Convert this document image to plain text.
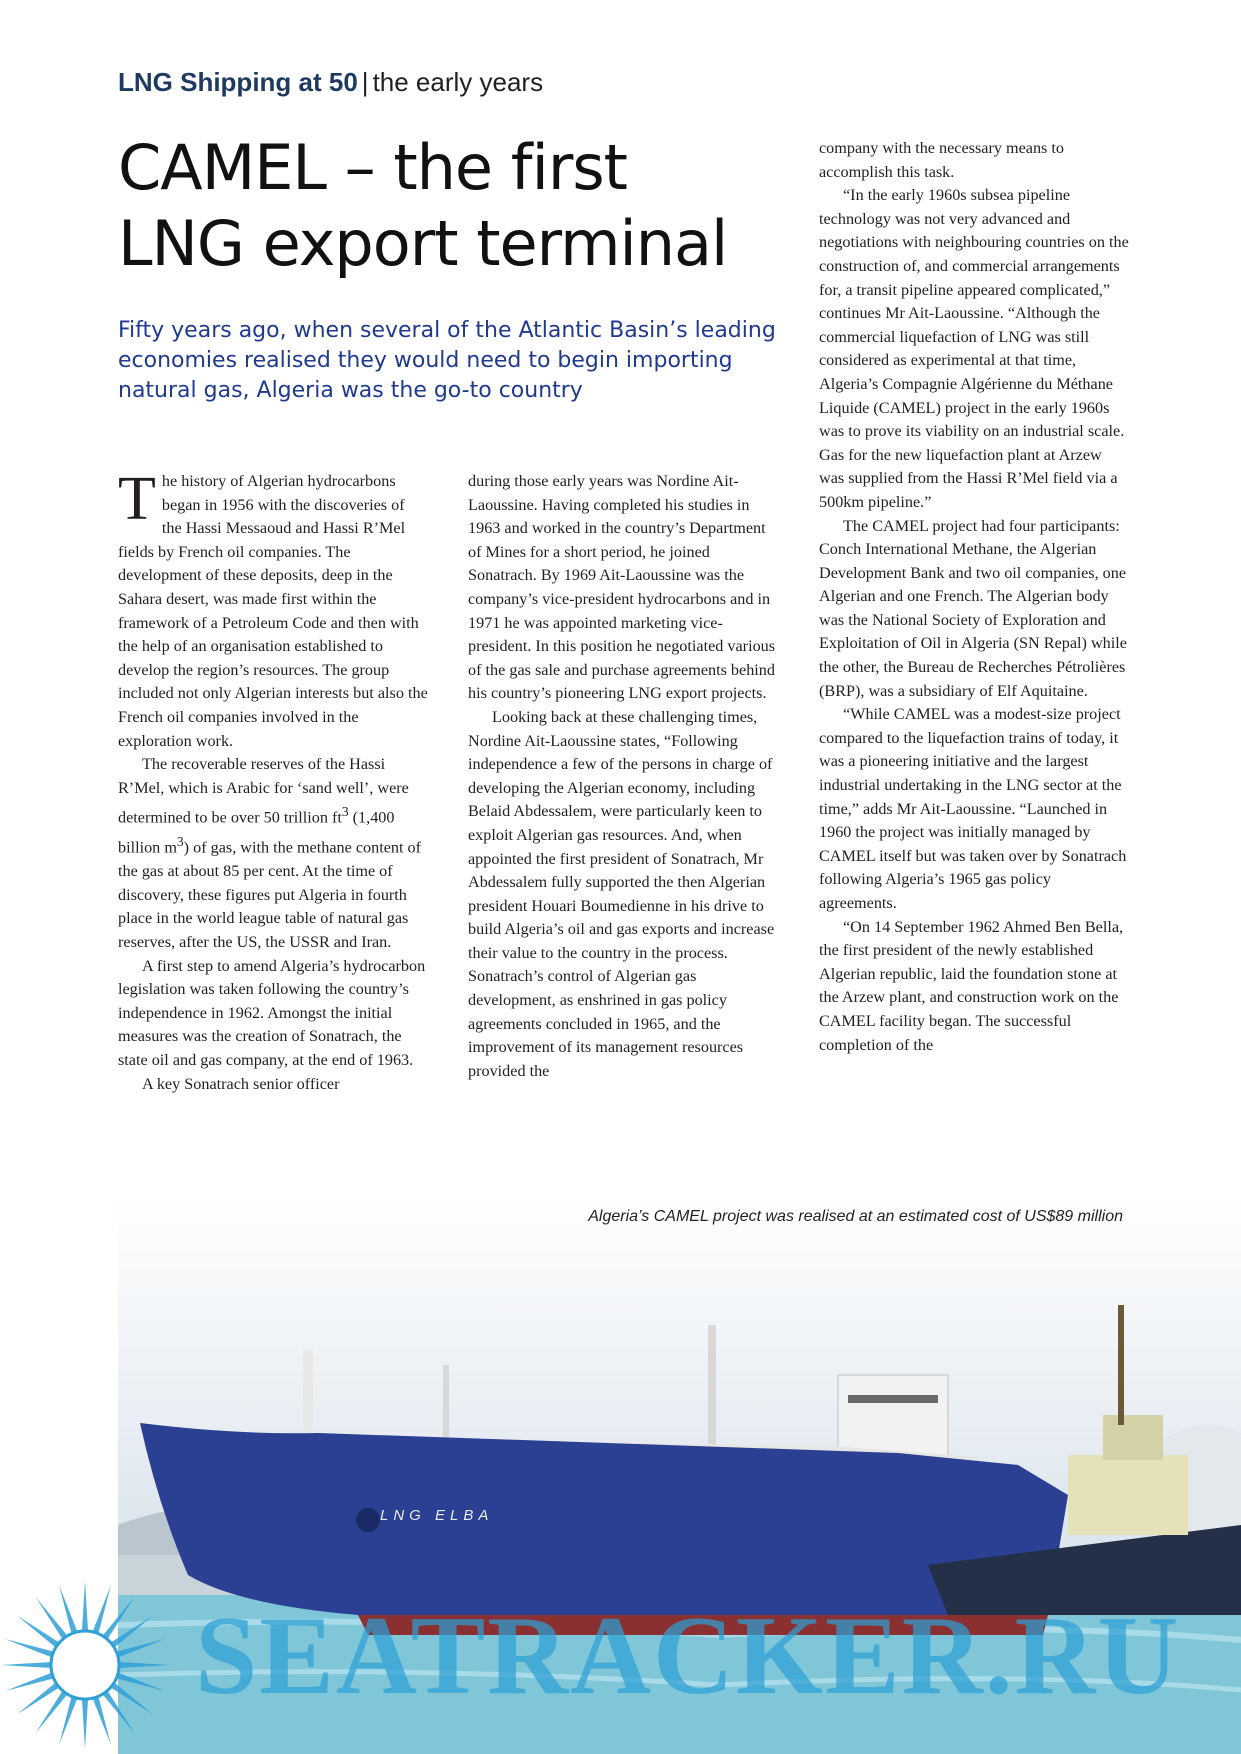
LNG Shipping at 50 | the early years
CAMEL – the first
LNG export terminal

Fifty years ago, when several of the Atlantic Basin’s leading economies realised they would need to begin importing natural gas, Algeria was the go-to country

The history of Algerian hydrocarbons began in 1956 with the discoveries of the Hassi Messaoud and Hassi R’Mel fields by French oil companies. The development of these deposits, deep in the Sahara desert, was made first within the framework of a Petroleum Code and then with the help of an organisation established to develop the region’s resources. The group included not only Algerian interests but also the French oil companies involved in the exploration work.

The recoverable reserves of the Hassi R’Mel, which is Arabic for ‘sand well’, were determined to be over 50 trillion $ft^3$ (1,400 billion $m^3$) of gas, with the methane content of the gas at about 85 per cent. At the time of discovery, these figures put Algeria in fourth place in the world league table of natural gas reserves, after the US, the USSR and Iran.

A first step to amend Algeria’s hydrocarbon legislation was taken following the country’s independence in 1962. Amongst the initial measures was the creation of Sonatrach, the state oil and gas company, at the end of 1963.

A key Sonatrach senior officer

during those early years was Nordine Ait-Laoussine. Having completed his studies in 1963 and worked in the country’s Department of Mines for a short period, he joined Sonatrach. By 1969 Ait-Laoussine was the company’s vice-president hydrocarbons and in 1971 he was appointed marketing vice-president. In this position he negotiated various of the gas sale and purchase agreements behind his country’s pioneering LNG export projects.

Looking back at these challenging times, Nordine Ait-Laoussine states, “Following independence a few of the persons in charge of developing the Algerian economy, including Belaid Abdessalem, were particularly keen to exploit Algerian gas resources. And, when appointed the first president of Sonatrach, Mr Abdessalem fully supported the then Algerian president Houari Boumedienne in his drive to build Algeria’s oil and gas exports and increase their value to the country in the process. Sonatrach’s control of Algerian gas development, as enshrined in gas policy agreements concluded in 1965, and the improvement of its management resources provided the

company with the necessary means to accomplish this task.

“In the early 1960s subsea pipeline technology was not very advanced and negotiations with neighbouring countries on the construction of, and commercial arrangements for, a transit pipeline appeared complicated,” continues Mr Ait-Laoussine. “Although the commercial liquefaction of LNG was still considered as experimental at that time, Algeria’s Compagnie Algérienne du Méthane Liquide (CAMEL) project in the early 1960s was to prove its viability on an industrial scale. Gas for the new liquefaction plant at Arzew was supplied from the Hassi R’Mel field via a 500km pipeline.”

The CAMEL project had four participants: Conch International Methane, the Algerian Development Bank and two oil companies, one Algerian and one French. The Algerian body was the National Society of Exploration and Exploitation of Oil in Algeria (SN Repal) while the other, the Bureau de Recherches Pétrolières (BRP), was a subsidiary of Elf Aquitaine.

“While CAMEL was a modest-size project compared to the liquefaction trains of today, it was a pioneering initiative and the largest industrial undertaking in the LNG sector at the time,” adds Mr Ait-Laoussine. “Launched in 1960 the project was initially managed by CAMEL itself but was taken over by Sonatrach following Algeria’s 1965 gas policy agreements.

“On 14 September 1962 Ahmed Ben Bella, the first president of the newly established Algerian republic, laid the foundation stone at the Arzew plant, and construction work on the CAMEL facility began. The successful completion of the

LNG ELBA
Algeria’s CAMEL project was realised at an estimated cost of US$89 million
SEATRACKER.RU
